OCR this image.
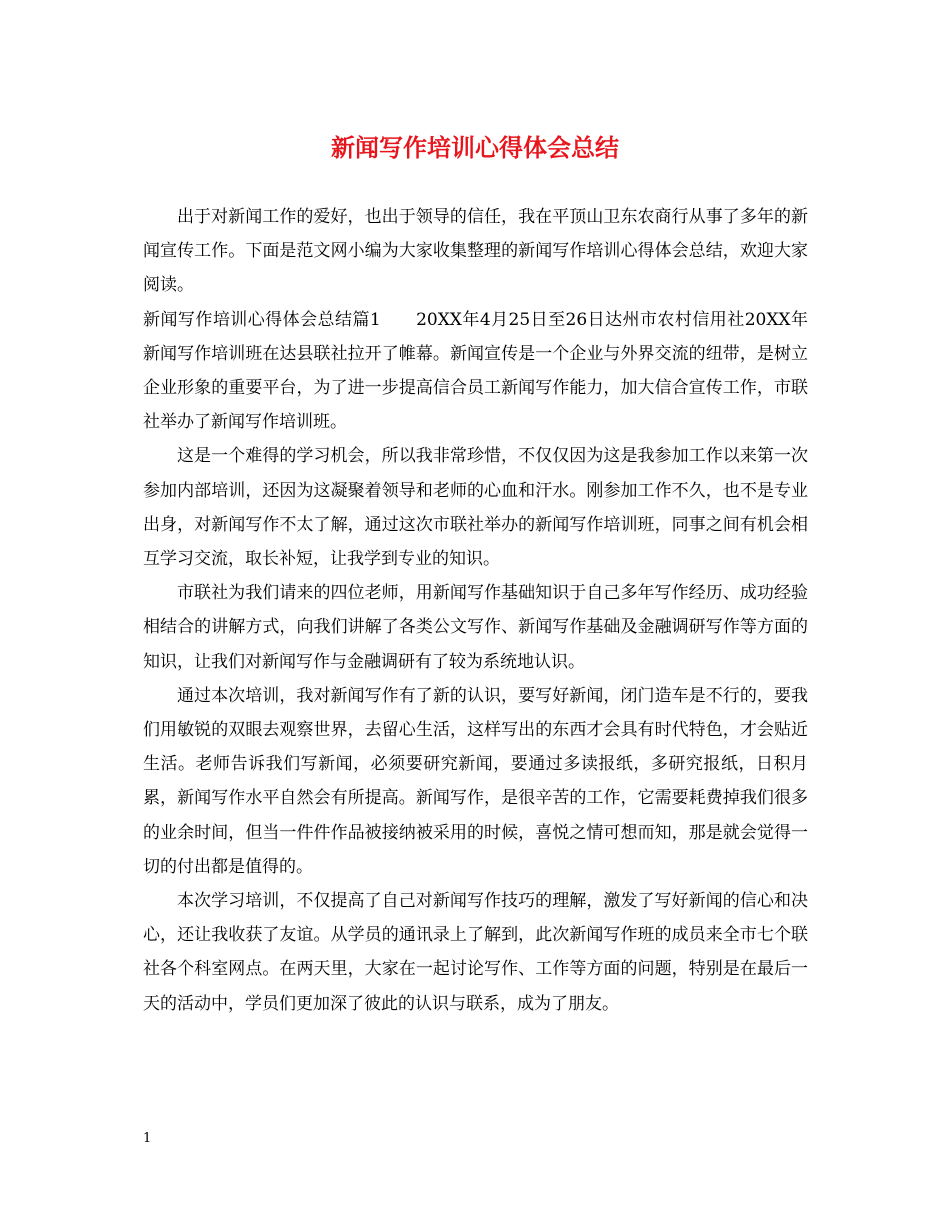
新闻写作培训心得体会总结

出于对新闻工作的爱好，也出于领导的信任，我在平顶山卫东农商行从事了多年的新闻宣传工作。下面是范文网小编为大家收集整理的新闻写作培训心得体会总结，欢迎大家阅读。

新闻写作培训心得体会总结篇1　　20XX年4月25日至26日达州市农村信用社20XX年新闻写作培训班在达县联社拉开了帷幕。新闻宣传是一个企业与外界交流的纽带，是树立企业形象的重要平台，为了进一步提高信合员工新闻写作能力，加大信合宣传工作，市联社举办了新闻写作培训班。

这是一个难得的学习机会，所以我非常珍惜，不仅仅因为这是我参加工作以来第一次参加内部培训，还因为这凝聚着领导和老师的心血和汗水。刚参加工作不久，也不是专业出身，对新闻写作不太了解，通过这次市联社举办的新闻写作培训班，同事之间有机会相互学习交流，取长补短，让我学到专业的知识。

市联社为我们请来的四位老师，用新闻写作基础知识于自己多年写作经历、成功经验相结合的讲解方式，向我们讲解了各类公文写作、新闻写作基础及金融调研写作等方面的知识，让我们对新闻写作与金融调研有了较为系统地认识。

通过本次培训，我对新闻写作有了新的认识，要写好新闻，闭门造车是不行的，要我们用敏锐的双眼去观察世界，去留心生活，这样写出的东西才会具有时代特色，才会贴近生活。老师告诉我们写新闻，必须要研究新闻，要通过多读报纸，多研究报纸，日积月累，新闻写作水平自然会有所提高。新闻写作，是很辛苦的工作，它需要耗费掉我们很多的业余时间，但当一件件作品被接纳被采用的时候，喜悦之情可想而知，那是就会觉得一切的付出都是值得的。

本次学习培训，不仅提高了自己对新闻写作技巧的理解，激发了写好新闻的信心和决心，还让我收获了友谊。从学员的通讯录上了解到，此次新闻写作班的成员来全市七个联社各个科室网点。在两天里，大家在一起讨论写作、工作等方面的问题，特别是在最后一天的活动中，学员们更加深了彼此的认识与联系，成为了朋友。

1
